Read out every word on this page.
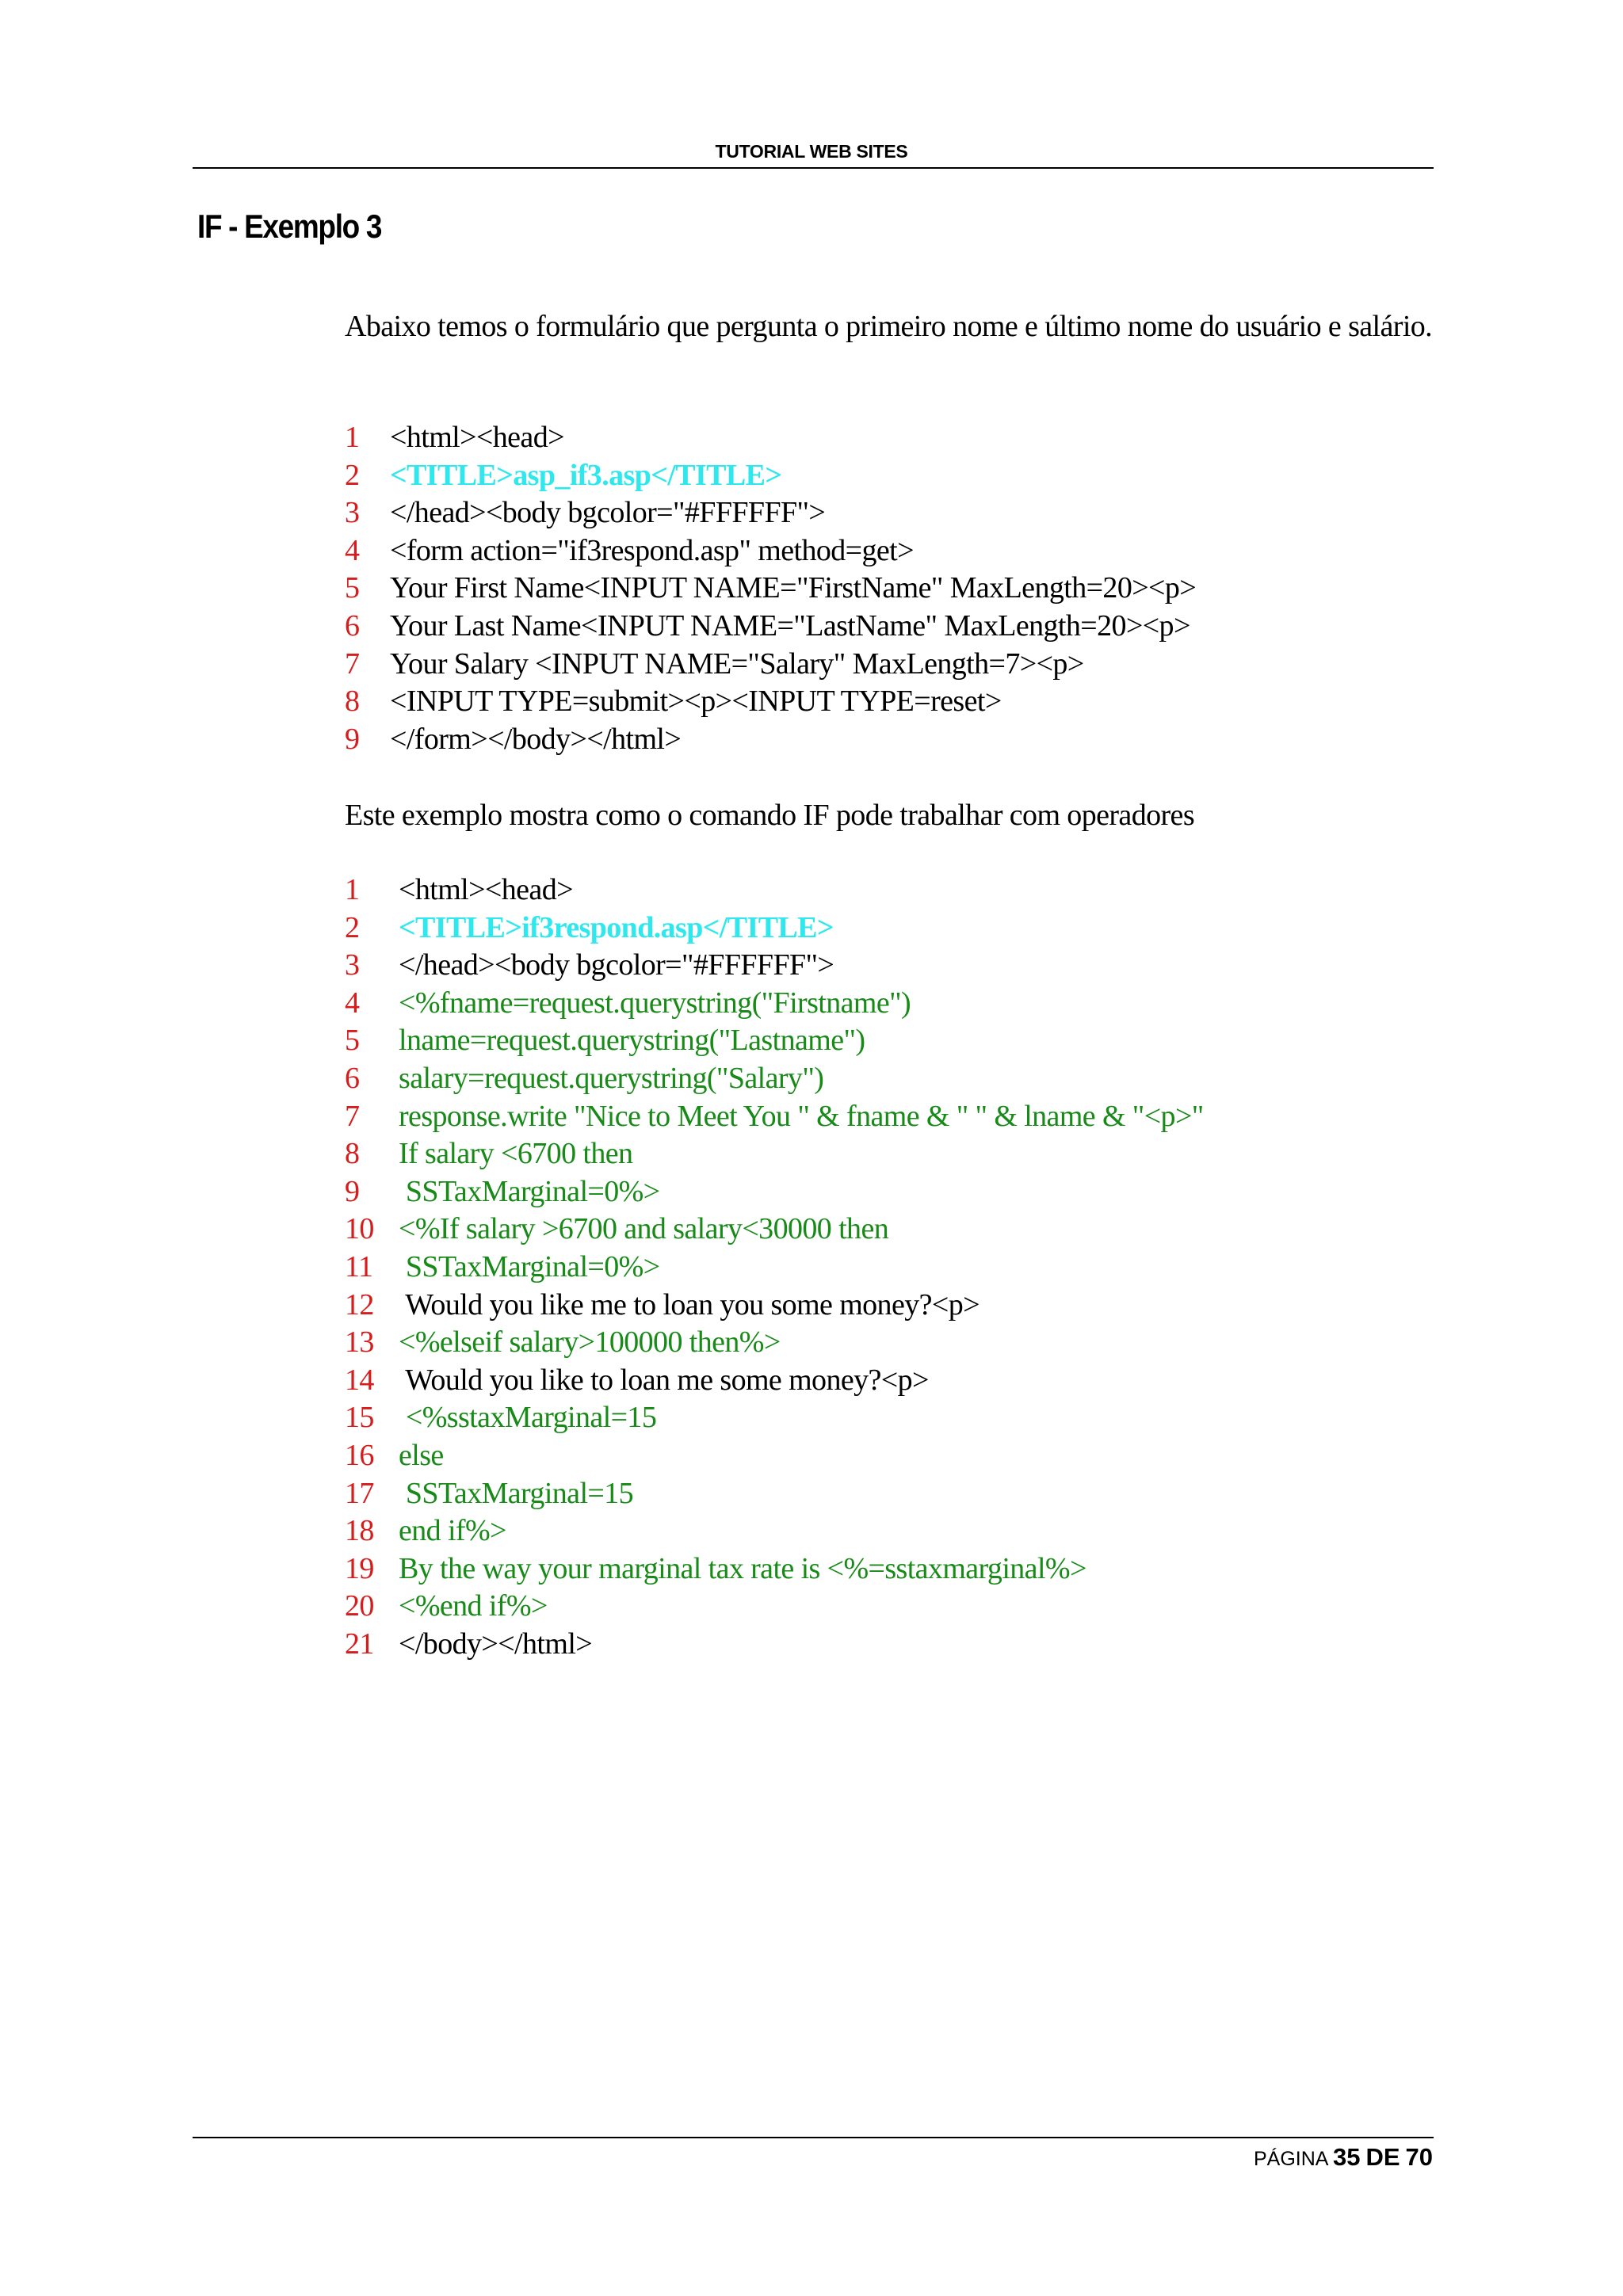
TUTORIAL WEB SITES
IF - Exemplo 3
Abaixo temos o formulário que pergunta o primeiro nome e último nome do usuário e salário.
1	<html><head>
2	<TITLE>asp_if3.asp</TITLE>
3	</head><body bgcolor="#FFFFFF">
4	<form action="if3respond.asp" method=get>
5	Your First Name<INPUT NAME="FirstName" MaxLength=20><p>
6	Your Last Name<INPUT NAME="LastName" MaxLength=20><p>
7	Your Salary <INPUT NAME="Salary" MaxLength=7><p>
8	<INPUT TYPE=submit><p><INPUT TYPE=reset>
9	</form></body></html>
Este exemplo mostra como o comando IF pode trabalhar com operadores
1	<html><head>
2	<TITLE>if3respond.asp</TITLE>
3	</head><body bgcolor="#FFFFFF">
4	<%fname=request.querystring("Firstname")
5	lname=request.querystring("Lastname")
6	salary=request.querystring("Salary")
7	response.write "Nice to Meet You " & fname & " " & lname & "<p>"
8	If salary <6700 then
9	SSTaxMarginal=0%>
10 <%If salary >6700 and salary<30000 then
11 SSTaxMarginal=0%>
12 Would you like me to loan you some money?<p>
13 <%elseif salary>100000 then%>
14 Would you like to loan me some money?<p>
15 <%sstaxMarginal=15
16 else
17 SSTaxMarginal=15
18 end if%>
19 By the way your marginal tax rate is <%=sstaxmarginal%>
20 <%end if%>
21 </body></html>
PÁGINA 35 DE 70
